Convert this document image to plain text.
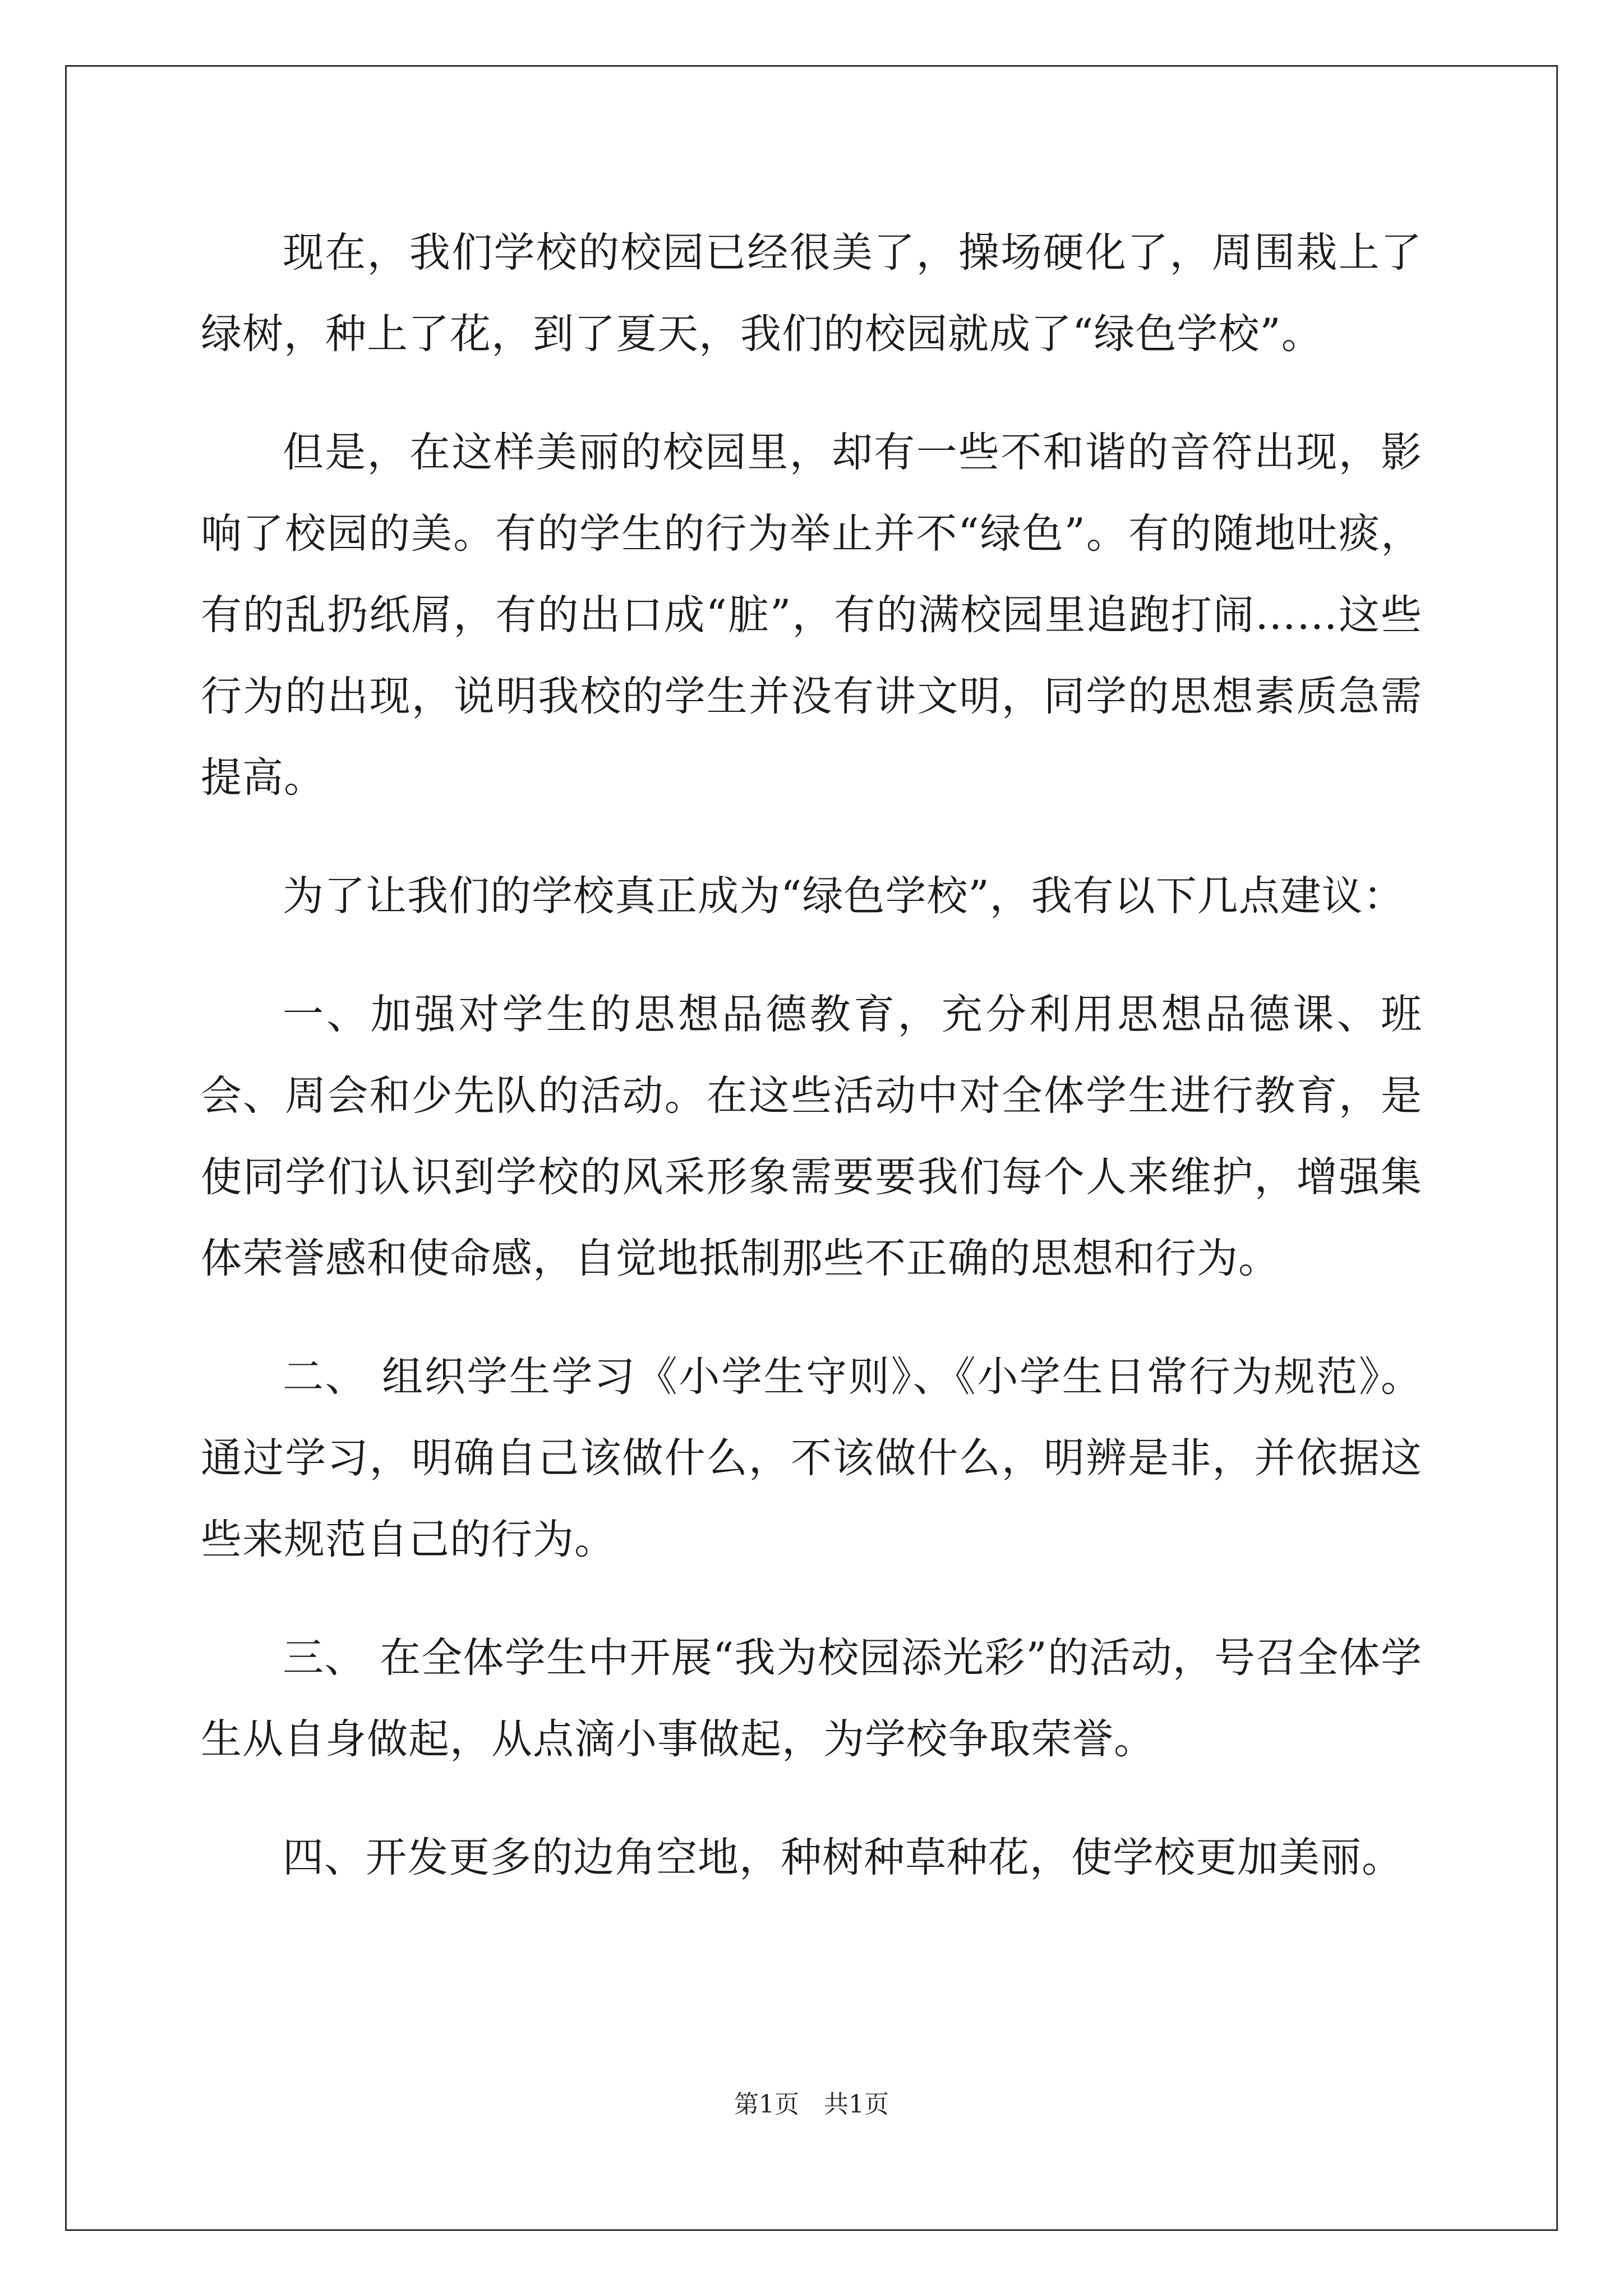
现在，我们学校的校园已经很美了，操场硬化了，周围栽上了绿树，种上了花，到了夏天，我们的校园就成了“绿色学校”。

但是，在这样美丽的校园里，却有一些不和谐的音符出现，影响了校园的美。有的学生的行为举止并不“绿色”。有的随地吐痰，有的乱扔纸屑，有的出口成“脏”，有的满校园里追跑打闹……这些行为的出现，说明我校的学生并没有讲文明，同学的思想素质急需提高。

为了让我们的学校真正成为“绿色学校”，我有以下几点建议：

一、加强对学生的思想品德教育，充分利用思想品德课、班会、周会和少先队的活动。在这些活动中对全体学生进行教育，是使同学们认识到学校的风采形象需要要我们每个人来维护，增强集体荣誉感和使命感，自觉地抵制那些不正确的思想和行为。

二、 组织学生学习《小学生守则》、《小学生日常行为规范》。通过学习，明确自己该做什么，不该做什么，明辨是非，并依据这些来规范自己的行为。

三、 在全体学生中开展“我为校园添光彩”的活动，号召全体学生从自身做起，从点滴小事做起，为学校争取荣誉。

四、开发更多的边角空地，种树种草种花，使学校更加美丽。

第1页 共1页
